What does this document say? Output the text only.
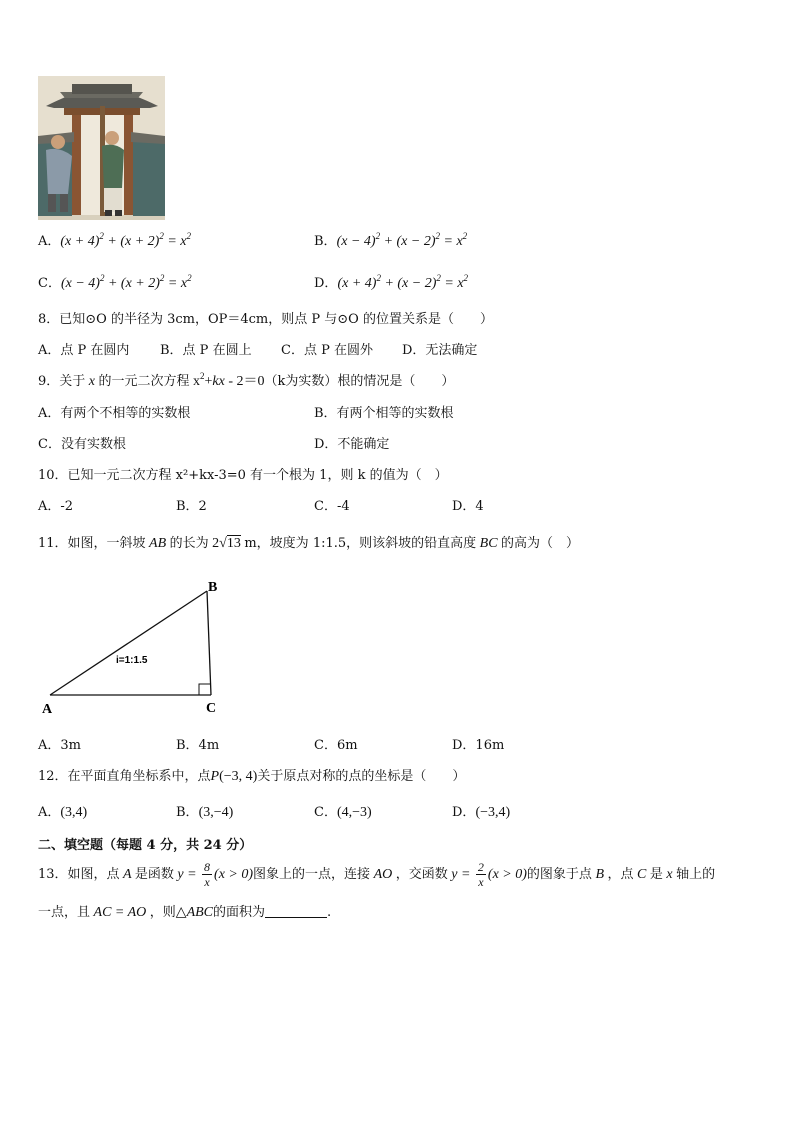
A．$(x + 4)^2 + (x + 2)^2 = x^2$	B．$(x - 4)^2 + (x - 2)^2 = x^2$
C．$(x - 4)^2 + (x + 2)^2 = x^2$	D．$(x + 4)^2 + (x - 2)^2 = x^2$
8．已知⊙O 的半径为 3cm，OP＝4cm，则点 P 与⊙O 的位置关系是（　　）
A．点 P 在圆内 B．点 P 在圆上 C．点 P 在圆外 D．无法确定
9．关于 x 的一元二次方程 $x^2+kx - 2=0(k$为实数）根的情况是（　　）
A．有两个不相等的实数根	B．有两个相等的实数根
C．没有实数根	D．不能确定
10．已知一元二次方程 x²+kx-3=0 有一个根为 1，则 k 的值为（　）
A．-2	B．2	C．-4	D．4
11．如图，一斜坡 AB 的长为 2√13 m，坡度为 1:1.5，则该斜坡的铅直高度 BC 的高为（　）
B
A	C
i=1:1.5
A．3m	B．4m	C．6m	D．16m
12．在平面直角坐标系中，点P(−3, 4)关于原点对称的点的坐标是（　　）
A．(3,4)	B．(3,−4)	C．(4,−3)	D．(−3,4)
二、填空题（每题 4 分，共 24 分）
13．如图，点 A 是函数 $y = \frac{8}{x} (x > 0)$图象上的一点，连接 AO ，交函数 $y = \frac{2}{x} (x > 0)$的图象于点 B ，点 C 是 x 轴上的
一点，且 AC = AO ，则△ABC的面积为	.
